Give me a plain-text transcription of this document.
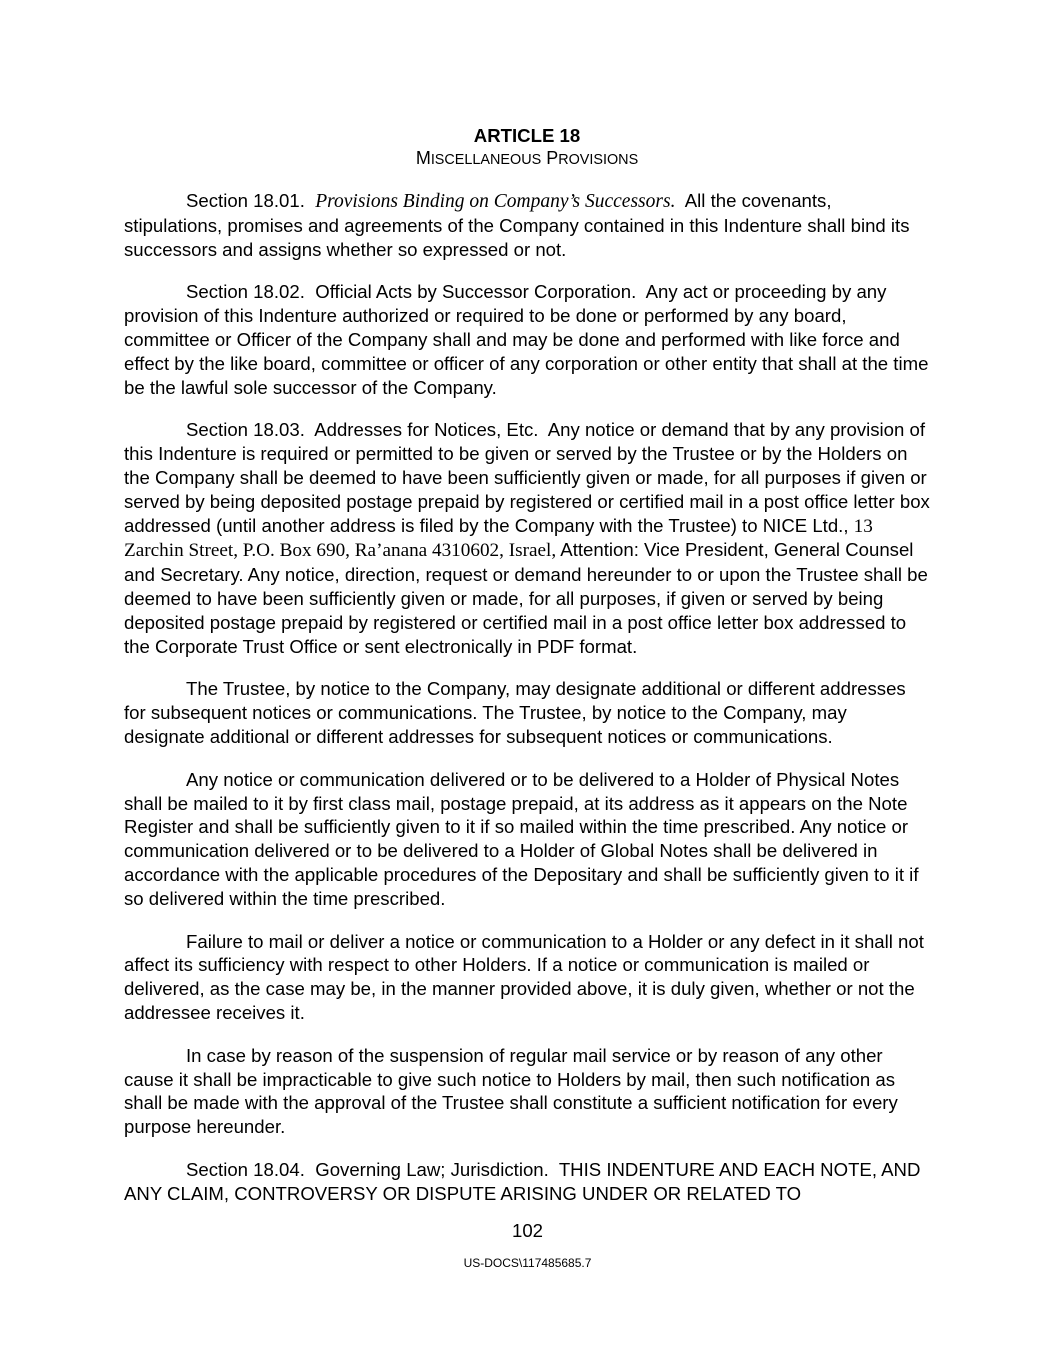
ARTICLE 18
MISCELLANEOUS PROVISIONS

Section 18.01. Provisions Binding on Company’s Successors. All the covenants, stipulations, promises and agreements of the Company contained in this Indenture shall bind its successors and assigns whether so expressed or not.

Section 18.02. Official Acts by Successor Corporation. Any act or proceeding by any provision of this Indenture authorized or required to be done or performed by any board, committee or Officer of the Company shall and may be done and performed with like force and effect by the like board, committee or officer of any corporation or other entity that shall at the time be the lawful sole successor of the Company.

Section 18.03. Addresses for Notices, Etc. Any notice or demand that by any provision of this Indenture is required or permitted to be given or served by the Trustee or by the Holders on the Company shall be deemed to have been sufficiently given or made, for all purposes if given or served by being deposited postage prepaid by registered or certified mail in a post office letter box addressed (until another address is filed by the Company with the Trustee) to NICE Ltd., 13 Zarchin Street, P.O. Box 690, Ra’anana 4310602, Israel, Attention: Vice President, General Counsel and Secretary. Any notice, direction, request or demand hereunder to or upon the Trustee shall be deemed to have been sufficiently given or made, for all purposes, if given or served by being deposited postage prepaid by registered or certified mail in a post office letter box addressed to the Corporate Trust Office or sent electronically in PDF format.

The Trustee, by notice to the Company, may designate additional or different addresses for subsequent notices or communications. The Trustee, by notice to the Company, may designate additional or different addresses for subsequent notices or communications.

Any notice or communication delivered or to be delivered to a Holder of Physical Notes shall be mailed to it by first class mail, postage prepaid, at its address as it appears on the Note Register and shall be sufficiently given to it if so mailed within the time prescribed. Any notice or communication delivered or to be delivered to a Holder of Global Notes shall be delivered in accordance with the applicable procedures of the Depositary and shall be sufficiently given to it if so delivered within the time prescribed.

Failure to mail or deliver a notice or communication to a Holder or any defect in it shall not affect its sufficiency with respect to other Holders. If a notice or communication is mailed or delivered, as the case may be, in the manner provided above, it is duly given, whether or not the addressee receives it.

In case by reason of the suspension of regular mail service or by reason of any other cause it shall be impracticable to give such notice to Holders by mail, then such notification as shall be made with the approval of the Trustee shall constitute a sufficient notification for every purpose hereunder.

Section 18.04. Governing Law; Jurisdiction. THIS INDENTURE AND EACH NOTE, AND ANY CLAIM, CONTROVERSY OR DISPUTE ARISING UNDER OR RELATED TO

102
US-DOCS\117485685.7
